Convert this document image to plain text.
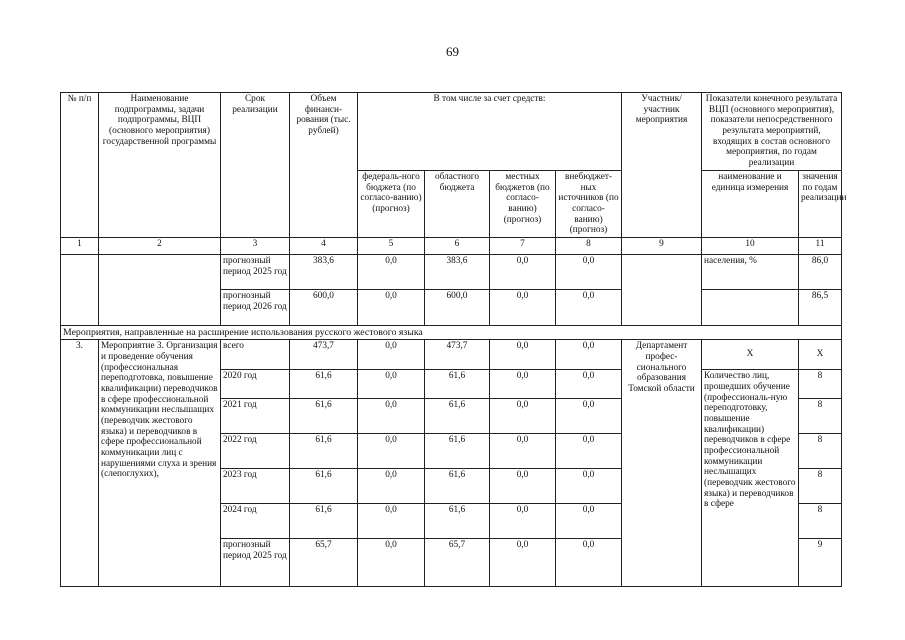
69
№ п/п	Наименование подпрограммы, задачи подпрограммы, ВЦП (основного мероприятия) государственной программы	Срок реализации	Объем финанси-рования (тыс. рублей)	В том числе за счет средств:				Участник/ участник мероприятия	Показатели конечного результата ВЦП (основного мероприятия), показатели непосредственного результата мероприятий, входящих в состав основного мероприятия, по годам реализации	
				федераль-ного бюджета (по согласо-ванию) (прогноз)	областного бюджета	местных бюджетов (по согласо-ванию) (прогноз)	внебюджет-ных источников (по согласо-ванию) (прогноз)		наименование и единица измерения	значения по годам реализации
1	2	3	4	5	6	7	8	9	10	11
		прогнозный период 2025 год	383,6	0,0	383,6	0,0	0,0		населения, %	86,0
		прогнозный период 2026 год	600,0	0,0	600,0	0,0	0,0			86,5
Мероприятия, направленные на расширение использования русского жестового языка										
3.	Мероприятие 3. Организация и проведение обучения (профессиональная переподготовка, повышение квалификации) переводчиков в сфере профессиональной коммуникации неслышащих (переводчик жестового языка) и переводчиков в сфере профессиональной коммуникации лиц с нарушениями слуха и зрения (слепоглухих),	всего	473,7	0,0	473,7	0,0	0,0	Департамент профес-сионального образования Томской области	Х	Х
		2020 год	61,6	0,0	61,6	0,0	0,0		Количество лиц, прошедших обучение (профессиональ-ную переподготовку, повышение квалификации) переводчиков в сфере профессиональной коммуникации неслышащих (переводчик жестового языка) и переводчиков в сфере	8
		2021 год	61,6	0,0	61,6	0,0	0,0			8
		2022 год	61,6	0,0	61,6	0,0	0,0			8
		2023 год	61,6	0,0	61,6	0,0	0,0			8
		2024 год	61,6	0,0	61,6	0,0	0,0			8
		прогнозный период 2025 год	65,7	0,0	65,7	0,0	0,0			9
